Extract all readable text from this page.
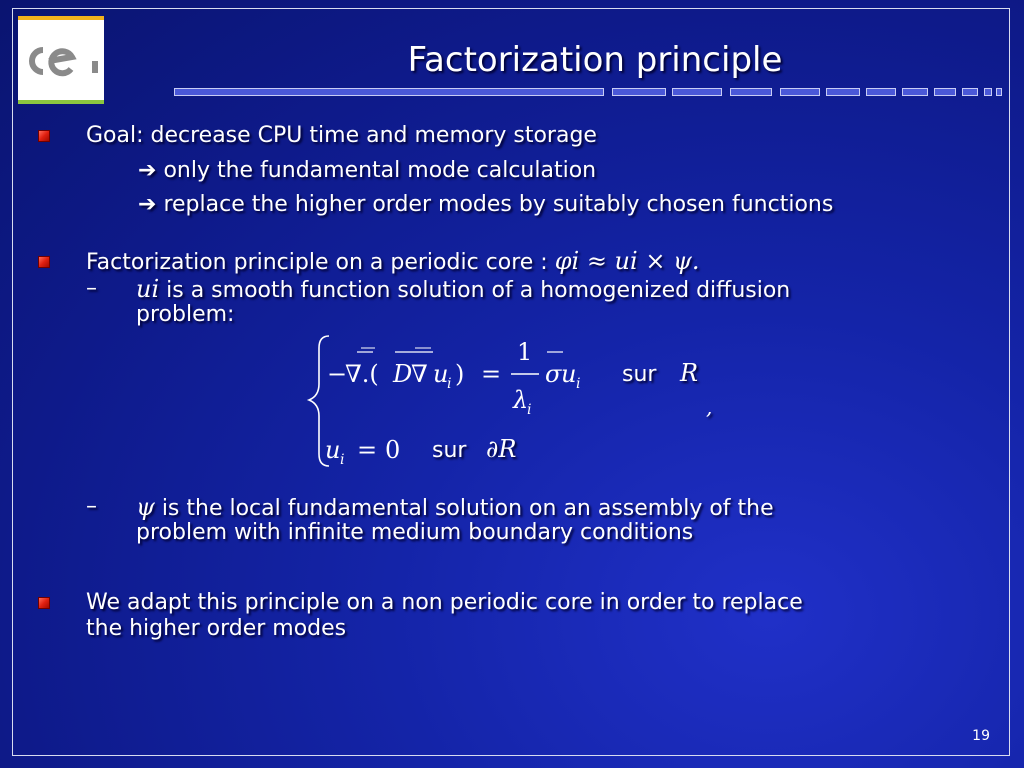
Factorization principle
Goal: decrease CPU time and memory storage
➔ only the fundamental mode calculation
➔ replace the higher order modes by suitably chosen functions
Factorization principle on a periodic core : φi ≈ ui × ψ.
– ui is a smooth function solution of a homogenized diffusion
problem:
−
∇.( D
∇ u
i ) =
1
λ
i
σ u i
u i = 0
sur R
,
sur ∂R
– ψ is the local fundamental solution on an assembly of the
problem with infinite medium boundary conditions
We adapt this principle on a non periodic core in order to replace
the higher order modes
19
